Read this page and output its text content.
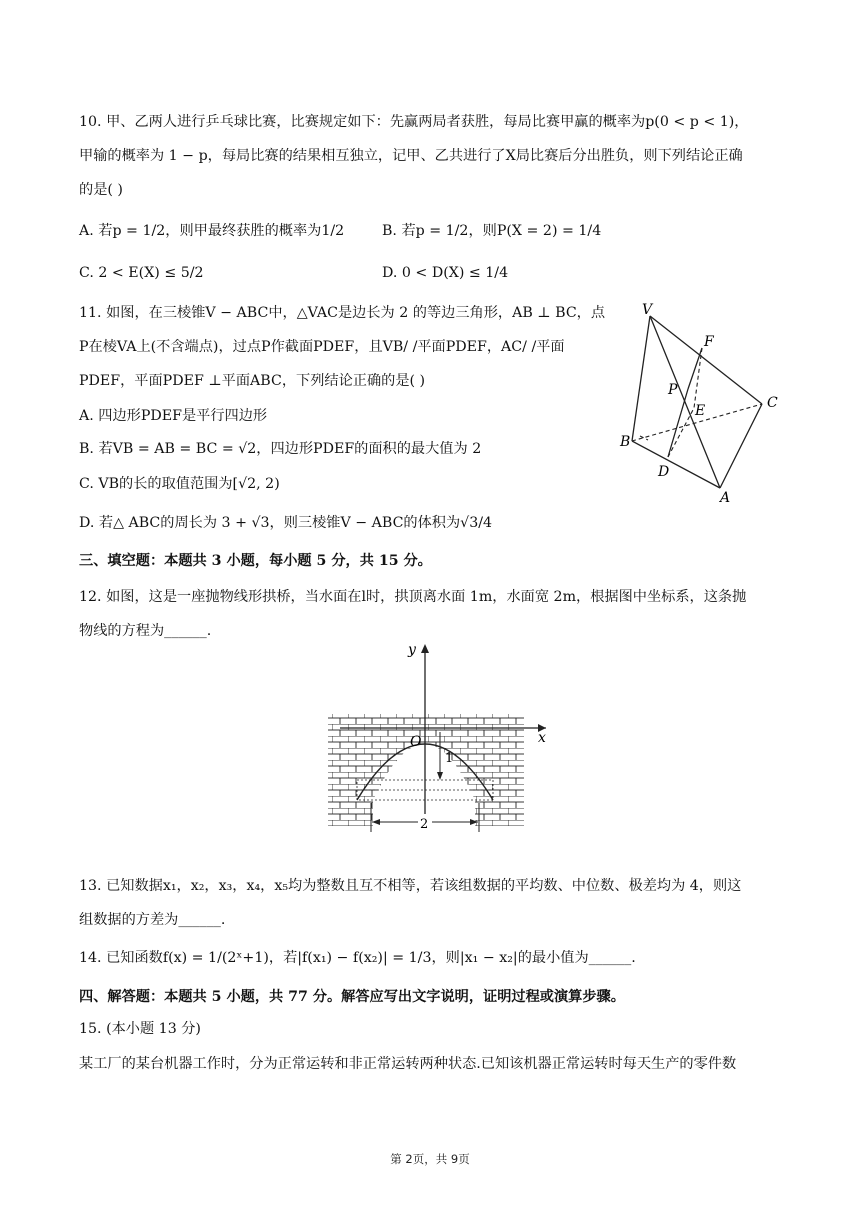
10. 甲、乙两人进行乒乓球比赛，比赛规定如下：先赢两局者获胜，每局比赛甲赢的概率为p(0 < p < 1)，
甲输的概率为 1 − p，每局比赛的结果相互独立，记甲、乙共进行了X局比赛后分出胜负，则下列结论正确
的是( )
A. 若p = 1/2，则甲最终获胜的概率为1/2	B. 若p = 1/2，则P(X = 2) = 1/4
C. 2 < E(X) ≤ 5/2	D. 0 < D(X) ≤ 1/4
11. 如图，在三棱锥V − ABC中，△VAC是边长为 2 的等边三角形，AB ⊥ BC，点
P在棱VA上(不含端点)，过点P作截面PDEF，且VB/ /平面PDEF，AC/ /平面
PDEF，平面PDEF ⊥平面ABC，下列结论正确的是( )
A. 四边形PDEF是平行四边形
B. 若VB = AB = BC = √2，四边形PDEF的面积的最大值为 2
C. VB的长的取值范围为[√2, 2)
D. 若△ ABC的周长为 3 + √3，则三棱锥V − ABC的体积为√3/4
V
F
P
E	C
B
D
A
三、填空题：本题共 3 小题，每小题 5 分，共 15 分。
12. 如图，这是一座抛物线形拱桥，当水面在l时，拱顶离水面 1m，水面宽 2m，根据图中坐标系，这条抛
物线的方程为______.
y
x
O
1
2
13. 已知数据x₁，x₂，x₃，x₄，x₅均为整数且互不相等，若该组数据的平均数、中位数、极差均为 4，则这
组数据的方差为______.
14. 已知函数f(x) = 1/(2ˣ+1)，若|f(x₁) − f(x₂)| = 1/3，则|x₁ − x₂|的最小值为______.
四、解答题：本题共 5 小题，共 77 分。解答应写出文字说明，证明过程或演算步骤。
15. (本小题 13 分)
某工厂的某台机器工作时，分为正常运转和非正常运转两种状态.已知该机器正常运转时每天生产的零件数
第 2页，共 9页
